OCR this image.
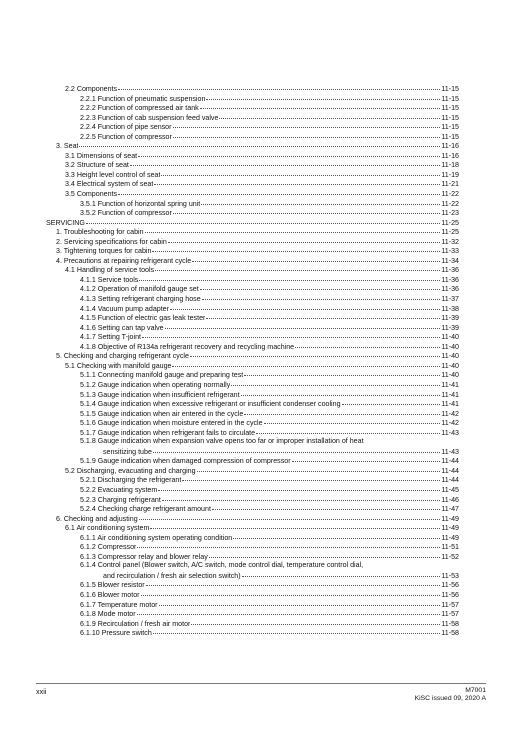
2.2 Components	11-15
2.2.1 Function of pneumatic suspension	11-15
2.2.2 Function of compressed air tank	11-15
2.2.3 Function of cab suspension feed valve	11-15
2.2.4 Function of pipe sensor	11-15
2.2.5 Function of compressor	11-15
3. Seat	11-16
3.1 Dimensions of seat	11-16
3.2 Structure of seat	11-18
3.3 Height level control of seat	11-19
3.4 Electrical system of seat	11-21
3.5 Components	11-22
3.5.1 Function of horizontal spring unit	11-22
3.5.2 Function of compressor	11-23
SERVICING	11-25
1. Troubleshooting for cabin	11-25
2. Servicing specifications for cabin	11-32
3. Tightening torques for cabin	11-33
4. Precautions at repairing refrigerant cycle	11-34
4.1 Handling of service tools	11-36
4.1.1 Service tools	11-36
4.1.2 Operation of manifold gauge set	11-36
4.1.3 Setting refrigerant charging hose	11-37
4.1.4 Vacuum pump adapter	11-38
4.1.5 Function of electric gas leak tester	11-39
4.1.6 Setting can tap valve	11-39
4.1.7 Setting T-joint	11-40
4.1.8 Objective of R134a refrigerant recovery and recycling machine	11-40
5. Checking and charging refrigerant cycle	11-40
5.1 Checking with manifold gauge	11-40
5.1.1 Connecting manifold gauge and preparing test	11-40
5.1.2 Gauge indication when operating normally	11-41
5.1.3 Gauge indication when insufficient refrigerant	11-41
5.1.4 Gauge indication when excessive refrigerant or insufficient condenser cooling	11-41
5.1.5 Gauge indication when air entered in the cycle	11-42
5.1.6 Gauge indication when moisture entered in the cycle	11-42
5.1.7 Gauge indication when refrigerant fails to circulate	11-43
5.1.8 Gauge indication when expansion valve opens too far or improper installation of heat
sensitizing tube	11-43
5.1.9 Gauge indication when damaged compression of compressor	11-44
5.2 Discharging, evacuating and charging	11-44
5.2.1 Discharging the refrigerant	11-44
5.2.2 Evacuating system	11-45
5.2.3 Charging refrigerant	11-46
5.2.4 Checking charge refrigerant amount	11-47
6. Checking and adjusting	11-49
6.1 Air conditioning system	11-49
6.1.1 Air conditioning system operating condition	11-49
6.1.2 Compressor	11-51
6.1.3 Compressor relay and blower relay	11-52
6.1.4 Control panel (Blower switch, A/C switch, mode control dial, temperature control dial,
and recirculation / fresh air selection switch)	11-53
6.1.5 Blower resistor	11-56
6.1.6 Blower motor	11-56
6.1.7 Temperature motor	11-57
6.1.8 Mode motor	11-57
6.1.9 Recirculation / fresh air motor	11-58
6.1.10 Pressure switch	11-58
xxii	M7001
KiSC issued 09, 2020 A
